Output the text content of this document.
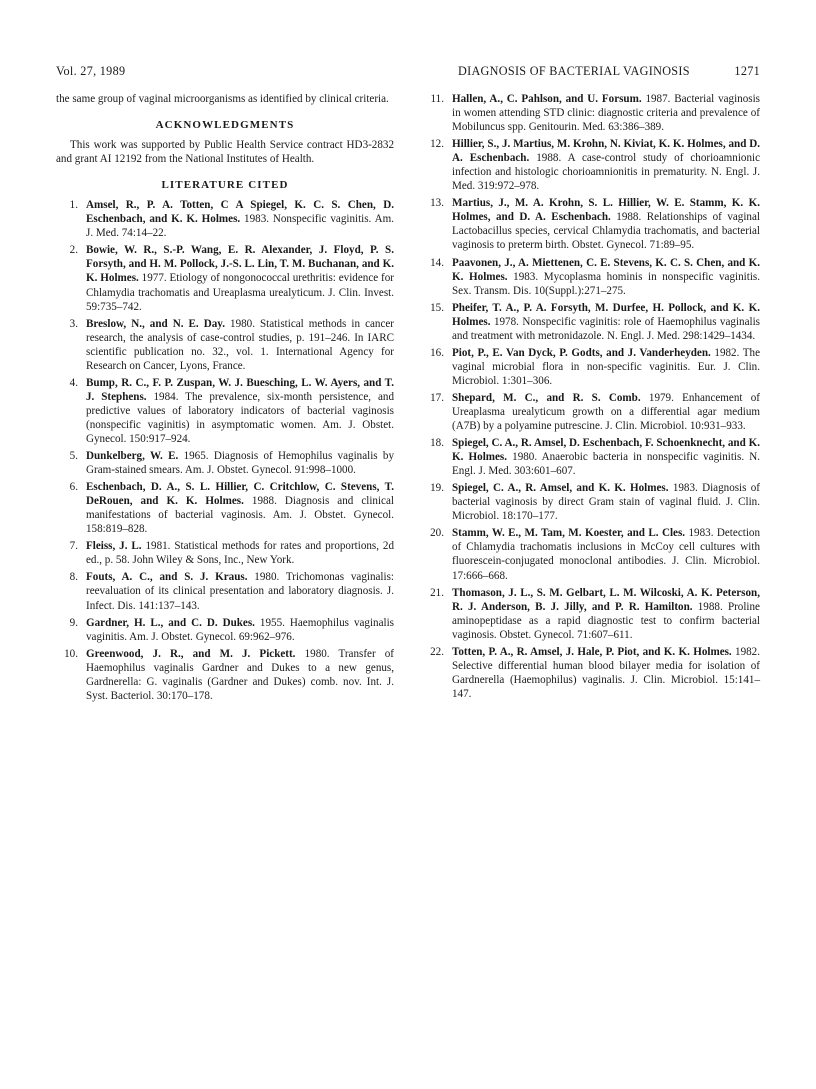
Vol. 27, 1989	DIAGNOSIS OF BACTERIAL VAGINOSIS	1271

the same group of vaginal microorganisms as identified by clinical criteria.

ACKNOWLEDGMENTS

This work was supported by Public Health Service contract HD3-2832 and grant AI 12192 from the National Institutes of Health.

LITERATURE CITED
1. Amsel, R., P. A. Totten, C A Spiegel, K. C. S. Chen, D. Eschenbach, and K. K. Holmes. 1983. Nonspecific vaginitis. Am. J. Med. 74:14–22.
2. Bowie, W. R., S.-P. Wang, E. R. Alexander, J. Floyd, P. S. Forsyth, and H. M. Pollock, J.-S. L. Lin, T. M. Buchanan, and K. K. Holmes. 1977. Etiology of nongonococcal urethritis: evidence for Chlamydia trachomatis and Ureaplasma urealyticum. J. Clin. Invest. 59:735–742.
3. Breslow, N., and N. E. Day. 1980. Statistical methods in cancer research, the analysis of case-control studies, p. 191–246. In IARC scientific publication no. 32., vol. 1. International Agency for Research on Cancer, Lyons, France.
4. Bump, R. C., F. P. Zuspan, W. J. Buesching, L. W. Ayers, and T. J. Stephens. 1984. The prevalence, six-month persistence, and predictive values of laboratory indicators of bacterial vaginosis (nonspecific vaginitis) in asymptomatic women. Am. J. Obstet. Gynecol. 150:917–924.
5. Dunkelberg, W. E. 1965. Diagnosis of Hemophilus vaginalis by Gram-stained smears. Am. J. Obstet. Gynecol. 91:998–1000.
6. Eschenbach, D. A., S. L. Hillier, C. Critchlow, C. Stevens, T. DeRouen, and K. K. Holmes. 1988. Diagnosis and clinical manifestations of bacterial vaginosis. Am. J. Obstet. Gynecol. 158:819–828.
7. Fleiss, J. L. 1981. Statistical methods for rates and proportions, 2d ed., p. 58. John Wiley & Sons, Inc., New York.
8. Fouts, A. C., and S. J. Kraus. 1980. Trichomonas vaginalis: reevaluation of its clinical presentation and laboratory diagnosis. J. Infect. Dis. 141:137–143.
9. Gardner, H. L., and C. D. Dukes. 1955. Haemophilus vaginalis vaginitis. Am. J. Obstet. Gynecol. 69:962–976.
10. Greenwood, J. R., and M. J. Pickett. 1980. Transfer of Haemophilus vaginalis Gardner and Dukes to a new genus, Gardnerella: G. vaginalis (Gardner and Dukes) comb. nov. Int. J. Syst. Bacteriol. 30:170–178.
11. Hallen, A., C. Pahlson, and U. Forsum. 1987. Bacterial vaginosis in women attending STD clinic: diagnostic criteria and prevalence of Mobiluncus spp. Genitourin. Med. 63:386–389.
12. Hillier, S., J. Martius, M. Krohn, N. Kiviat, K. K. Holmes, and D. A. Eschenbach. 1988. A case-control study of chorioamnionic infection and histologic chorioamnionitis in prematurity. N. Engl. J. Med. 319:972–978.
13. Martius, J., M. A. Krohn, S. L. Hillier, W. E. Stamm, K. K. Holmes, and D. A. Eschenbach. 1988. Relationships of vaginal Lactobacillus species, cervical Chlamydia trachomatis, and bacterial vaginosis to preterm birth. Obstet. Gynecol. 71:89–95.
14. Paavonen, J., A. Miettenen, C. E. Stevens, K. C. S. Chen, and K. K. Holmes. 1983. Mycoplasma hominis in nonspecific vaginitis. Sex. Transm. Dis. 10(Suppl.):271–275.
15. Pheifer, T. A., P. A. Forsyth, M. Durfee, H. Pollock, and K. K. Holmes. 1978. Nonspecific vaginitis: role of Haemophilus vaginalis and treatment with metronidazole. N. Engl. J. Med. 298:1429–1434.
16. Piot, P., E. Van Dyck, P. Godts, and J. Vanderheyden. 1982. The vaginal microbial flora in non-specific vaginitis. Eur. J. Clin. Microbiol. 1:301–306.
17. Shepard, M. C., and R. S. Comb. 1979. Enhancement of Ureaplasma urealyticum growth on a differential agar medium (A7B) by a polyamine putrescine. J. Clin. Microbiol. 10:931–933.
18. Spiegel, C. A., R. Amsel, D. Eschenbach, F. Schoenknecht, and K. K. Holmes. 1980. Anaerobic bacteria in nonspecific vaginitis. N. Engl. J. Med. 303:601–607.
19. Spiegel, C. A., R. Amsel, and K. K. Holmes. 1983. Diagnosis of bacterial vaginosis by direct Gram stain of vaginal fluid. J. Clin. Microbiol. 18:170–177.
20. Stamm, W. E., M. Tam, M. Koester, and L. Cles. 1983. Detection of Chlamydia trachomatis inclusions in McCoy cell cultures with fluorescein-conjugated monoclonal antibodies. J. Clin. Microbiol. 17:666–668.
21. Thomason, J. L., S. M. Gelbart, L. M. Wilcoski, A. K. Peterson, R. J. Anderson, B. J. Jilly, and P. R. Hamilton. 1988. Proline aminopeptidase as a rapid diagnostic test to confirm bacterial vaginosis. Obstet. Gynecol. 71:607–611.
22. Totten, P. A., R. Amsel, J. Hale, P. Piot, and K. K. Holmes. 1982. Selective differential human blood bilayer media for isolation of Gardnerella (Haemophilus) vaginalis. J. Clin. Microbiol. 15:141–147.
